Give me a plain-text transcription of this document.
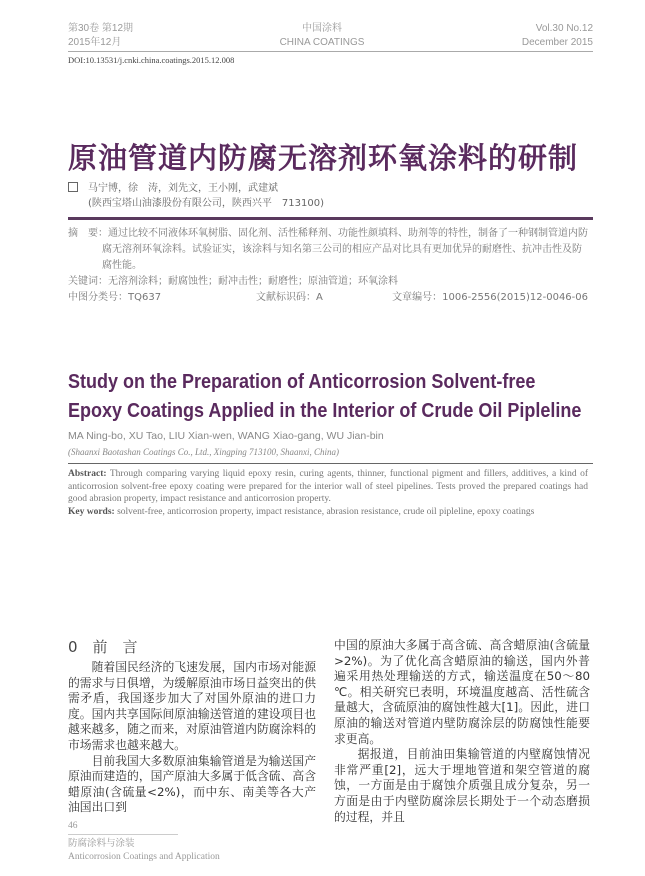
第30卷 第12期
2015年12月
中国涂料
CHINA COATINGS
Vol.30 No.12
December 2015
DOI:10.13531/j.cnki.china.coatings.2015.12.008
原油管道内防腐无溶剂环氧涂料的研制
马宁博，徐　涛，刘先文，王小刚，武建斌
(陕西宝塔山油漆股份有限公司，陕西兴平　713100)
摘　要：通过比较不同液体环氧树脂、固化剂、活性稀释剂、功能性颜填料、助剂等的特性，制备了一种钢制管道内防腐无溶剂环氧涂料。试验证实，该涂料与知名第三公司的相应产品对比具有更加优异的耐磨性、抗冲击性及防腐性能。
关键词：无溶剂涂料；耐腐蚀性；耐冲击性；耐磨性；原油管道；环氧涂料
中图分类号：TQ637	文献标识码：A	文章编号：1006-2556(2015)12-0046-06
Study on the Preparation of Anticorrosion Solvent-free
Epoxy Coatings Applied in the Interior of Crude Oil Pipleline
MA Ning-bo, XU Tao, LIU Xian-wen, WANG Xiao-gang, WU Jian-bin
(Shaanxi Baotashan Coatings Co., Ltd., Xingping 713100, Shaanxi, China)
Abstract: Through comparing varying liquid epoxy resin, curing agents, thinner, functional pigment and fillers, additives, a kind of anticorrosion solvent-free epoxy coating were prepared for the interior wall of steel pipelines. Tests proved the prepared coatings had good abrasion property, impact resistance and anticorrosion property.
Key words: solvent-free, anticorrosion property, impact resistance, abrasion resistance, crude oil pipleline, epoxy coatings
0　前　言

随着国民经济的飞速发展，国内市场对能源的需求与日俱增，为缓解原油市场日益突出的供需矛盾，我国逐步加大了对国外原油的进口力度。国内共享国际间原油输送管道的建设项目也越来越多，随之而来，对原油管道内防腐涂料的市场需求也越来越大。

目前我国大多数原油集输管道是为输送国产原油而建造的，国产原油大多属于低含硫、高含蜡原油(含硫量<2%)，而中东、南美等各大产油国出口到

中国的原油大多属于高含硫、高含蜡原油(含硫量>2%)。为了优化高含蜡原油的输送，国内外普遍采用热处理输送的方式，输送温度在50～80 ℃。相关研究已表明，环境温度越高、活性硫含量越大，含硫原油的腐蚀性越大[1]。因此，进口原油的输送对管道内壁防腐涂层的防腐蚀性能要求更高。

据报道，目前油田集输管道的内壁腐蚀情况非常严重[2]，远大于埋地管道和架空管道的腐蚀，一方面是由于腐蚀介质强且成分复杂，另一方面是由于内壁防腐涂层长期处于一个动态磨损的过程，并且

46
防腐涂料与涂装
Anticorrosion Coatings and Application
